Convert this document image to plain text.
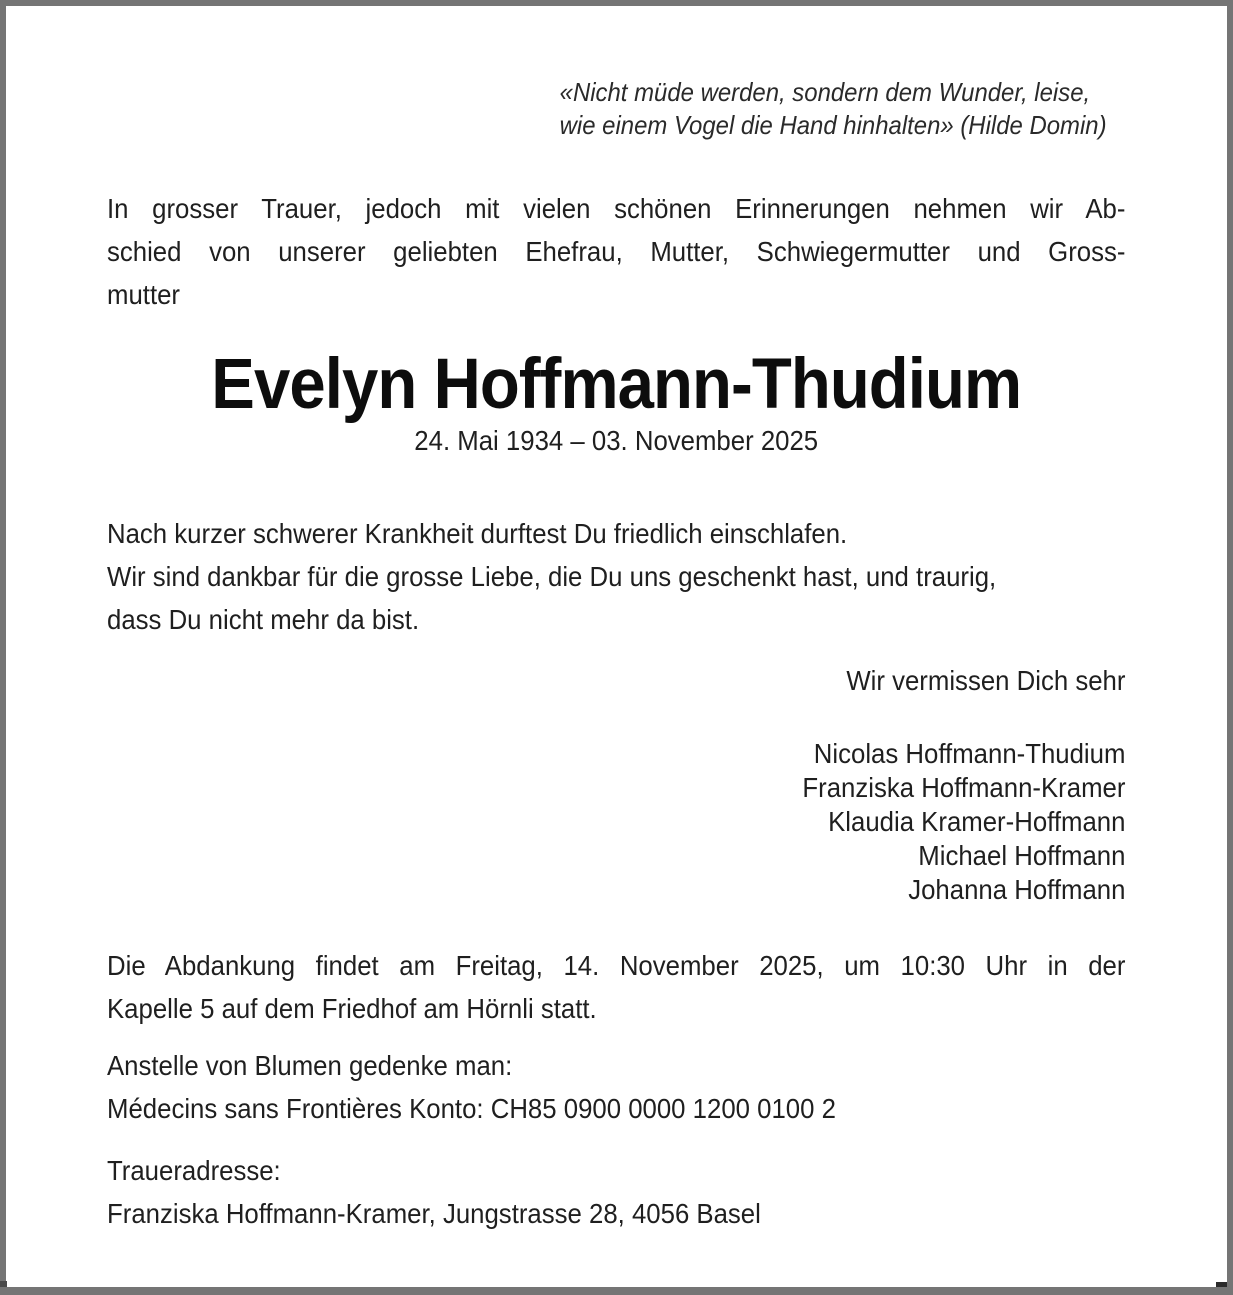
«Nicht müde werden, sondern dem Wunder, leise,
wie einem Vogel die Hand hinhalten» (Hilde Domin)
In grosser Trauer, jedoch mit vielen schönen Erinnerungen nehmen wir Ab-
schied von unserer geliebten Ehefrau, Mutter, Schwiegermutter und Gross-
mutter
Evelyn Hoffmann-Thudium
24. Mai 1934 – 03. November 2025
Nach kurzer schwerer Krankheit durftest Du friedlich einschlafen.
Wir sind dankbar für die grosse Liebe, die Du uns geschenkt hast, und traurig,
dass Du nicht mehr da bist.
Wir vermissen Dich sehr
Nicolas Hoffmann-Thudium
Franziska Hoffmann-Kramer
Klaudia Kramer-Hoffmann
Michael Hoffmann
Johanna Hoffmann
Die Abdankung findet am Freitag, 14. November 2025, um 10:30 Uhr in der
Kapelle 5 auf dem Friedhof am Hörnli statt.
Anstelle von Blumen gedenke man:
Médecins sans Frontières Konto: CH85 0900 0000 1200 0100 2
Traueradresse:
Franziska Hoffmann-Kramer, Jungstrasse 28, 4056 Basel
